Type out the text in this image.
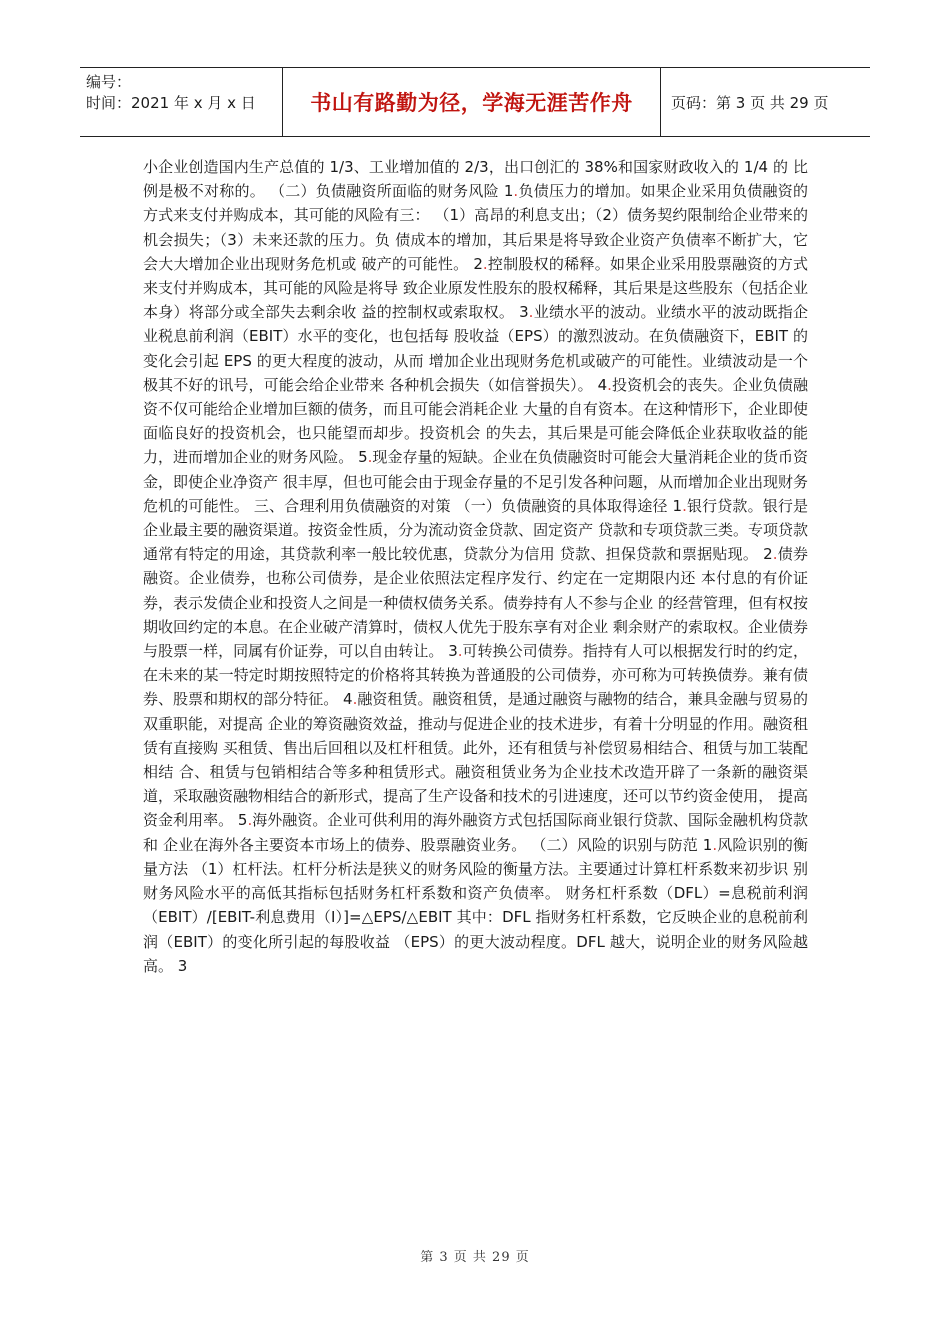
编号：
时间：2021 年 x 月 x 日	书山有路勤为径，学海无涯苦作舟	页码：第 3 页 共 29 页
小企业创造国内生产总值的 1/3、工业增加值的 2/3，出口创汇的 38%和国家财政收入的 1/4 的 比例是极不对称的。 （二）负债融资所面临的财务风险 1.负债压力的增加。如果企业采用负债融资的方式来支付并购成本，其可能的风险有三： （1）高昂的利息支出；（2）债务契约限制给企业带来的机会损失；（3）未来还款的压力。负 债成本的增加，其后果是将导致企业资产负债率不断扩大，它会大大增加企业出现财务危机或 破产的可能性。 2.控制股权的稀释。如果企业采用股票融资的方式来支付并购成本，其可能的风险是将导 致企业原发性股东的股权稀释，其后果是这些股东（包括企业本身）将部分或全部失去剩余收 益的控制权或索取权。 3.业绩水平的波动。业绩水平的波动既指企业税息前利润（EBIT）水平的变化，也包括每 股收益（EPS）的激烈波动。在负债融资下，EBIT 的变化会引起 EPS 的更大程度的波动，从而 增加企业出现财务危机或破产的可能性。业绩波动是一个极其不好的讯号，可能会给企业带来 各种机会损失（如信誉损失）。 4.投资机会的丧失。企业负债融资不仅可能给企业增加巨额的债务，而且可能会消耗企业 大量的自有资本。在这种情形下，企业即使面临良好的投资机会，也只能望而却步。投资机会 的失去，其后果是可能会降低企业获取收益的能力，进而增加企业的财务风险。 5.现金存量的短缺。企业在负债融资时可能会大量消耗企业的货币资金，即使企业净资产 很丰厚，但也可能会由于现金存量的不足引发各种问题，从而增加企业出现财务危机的可能性。 三、合理利用负债融资的对策 （一）负债融资的具体取得途径 1.银行贷款。银行是企业最主要的融资渠道。按资金性质，分为流动资金贷款、固定资产 贷款和专项贷款三类。专项贷款通常有特定的用途，其贷款利率一般比较优惠，贷款分为信用 贷款、担保贷款和票据贴现。 2.债券融资。企业债券，也称公司债券，是企业依照法定程序发行、约定在一定期限内还 本付息的有价证券，表示发债企业和投资人之间是一种债权债务关系。债券持有人不参与企业 的经营管理，但有权按期收回约定的本息。在企业破产清算时，债权人优先于股东享有对企业 剩余财产的索取权。企业债券与股票一样，同属有价证券，可以自由转让。 3.可转换公司债券。指持有人可以根据发行时的约定，在未来的某一特定时期按照特定的价格将其转换为普通股的公司债券，亦可称为可转换债券。兼有债券、股票和期权的部分特征。 4.融资租赁。融资租赁，是通过融资与融物的结合，兼具金融与贸易的双重职能，对提高 企业的筹资融资效益，推动与促进企业的技术进步，有着十分明显的作用。融资租赁有直接购 买租赁、售出后回租以及杠杆租赁。此外，还有租赁与补偿贸易相结合、租赁与加工装配相结 合、租赁与包销相结合等多种租赁形式。融资租赁业务为企业技术改造开辟了一条新的融资渠 道，采取融资融物相结合的新形式，提高了生产设备和技术的引进速度，还可以节约资金使用， 提高资金利用率。 5.海外融资。企业可供利用的海外融资方式包括国际商业银行贷款、国际金融机构贷款和 企业在海外各主要资本市场上的债券、股票融资业务。 （二）风险的识别与防范 1.风险识别的衡量方法 （1）杠杆法。杠杆分析法是狭义的财务风险的衡量方法。主要通过计算杠杆系数来初步识 别财务风险水平的高低其指标包括财务杠杆系数和资产负债率。 财务杠杆系数（DFL）=息税前利润（EBIT）/[EBIT-利息费用（I）]=△EPS/△EBIT 其中：DFL 指财务杠杆系数，它反映企业的息税前利润（EBIT）的变化所引起的每股收益 （EPS）的更大波动程度。DFL 越大，说明企业的财务风险越高。 3
第 3 页 共 29 页
